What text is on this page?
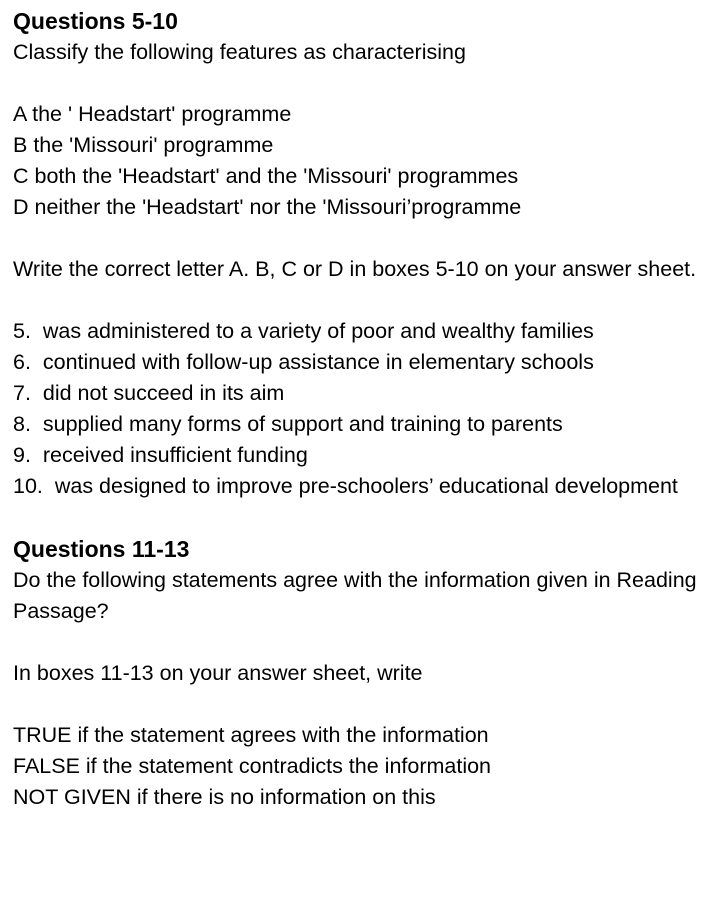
Questions 5-10

Classify the following features as characterising

A the ' Headstart' programme

B the 'Missouri' programme

C both the 'Headstart' and the 'Missouri' programmes

D neither the 'Headstart' nor the 'Missouri’programme

Write the correct letter A. B, C or D in boxes 5-10 on your answer sheet.

5. was administered to a variety of poor and wealthy families

6. continued with follow-up assistance in elementary schools

7. did not succeed in its aim

8. supplied many forms of support and training to parents

9. received insufficient funding

10. was designed to improve pre-schoolers’ educational development

Questions 11-13

Do the following statements agree with the information given in Reading Passage?

In boxes 11-13 on your answer sheet, write

TRUE if the statement agrees with the information

FALSE if the statement contradicts the information

NOT GIVEN if there is no information on this
